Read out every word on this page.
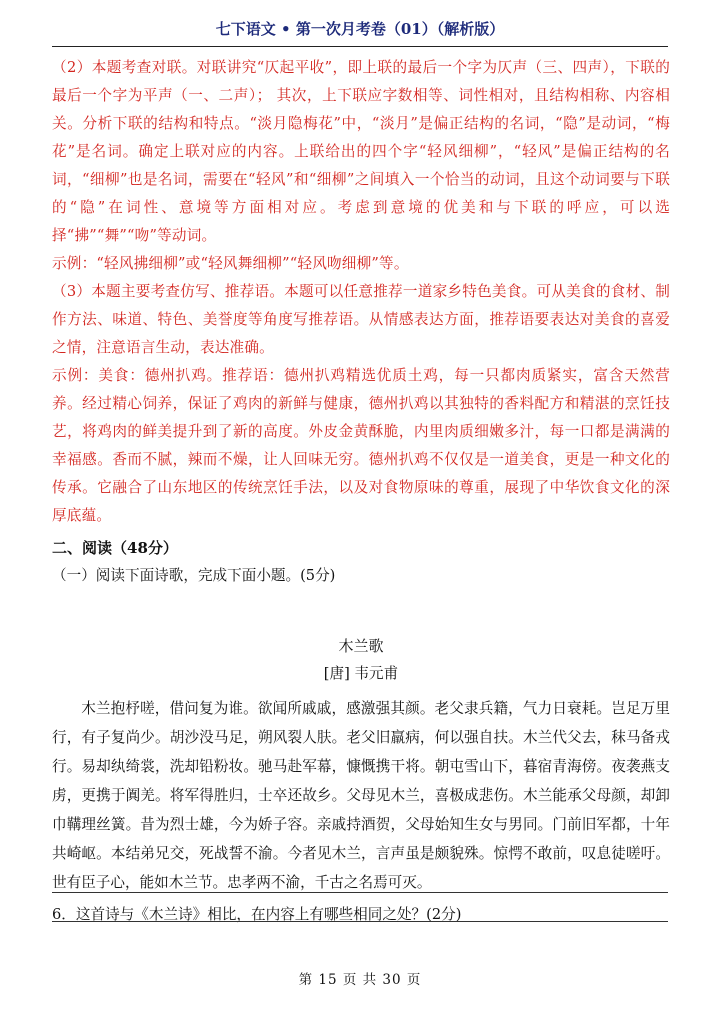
七下语文 • 第一次月考卷（01）（解析版）

（2）本题考查对联。对联讲究“仄起平收”，即上联的最后一个字为仄声（三、四声），下联的最后一个字为平声（一、二声）； 其次，上下联应字数相等、词性相对，且结构相称、内容相关。分析下联的结构和特点。“淡月隐梅花”中，“淡月”是偏正结构的名词，“隐”是动词，“梅花”是名词。确定上联对应的内容。上联给出的四个字“轻风细柳”，“轻风”是偏正结构的名词，“细柳”也是名词，需要在“轻风”和“细柳”之间填入一个恰当的动词，且这个动词要与下联的“隐”在词性、意境等方面相对应。考虑到意境的优美和与下联的呼应，可以选择“拂”“舞”“吻”等动词。

示例：“轻风拂细柳”或“轻风舞细柳”“轻风吻细柳”等。

（3）本题主要考查仿写、推荐语。本题可以任意推荐一道家乡特色美食。可从美食的食材、制作方法、味道、特色、美誉度等角度写推荐语。从情感表达方面，推荐语要表达对美食的喜爱之情，注意语言生动，表达准确。

示例：美食：德州扒鸡。推荐语：德州扒鸡精选优质土鸡，每一只都肉质紧实，富含天然营养。经过精心饲养，保证了鸡肉的新鲜与健康，德州扒鸡以其独特的香料配方和精湛的烹饪技艺，将鸡肉的鲜美提升到了新的高度。外皮金黄酥脆，内里肉质细嫩多汁，每一口都是满满的幸福感。香而不腻，辣而不燥，让人回味无穷。德州扒鸡不仅仅是一道美食，更是一种文化的传承。它融合了山东地区的传统烹饪手法，以及对食物原味的尊重，展现了中华饮食文化的深厚底蕴。

二、阅读（48分）

（一）阅读下面诗歌，完成下面小题。(5分)

木兰歌
[唐] 韦元甫

木兰抱杼嗟，借问复为谁。欲闻所戚戚，感激强其颜。老父隶兵籍，气力日衰耗。岂足万里行，有子复尚少。胡沙没马足，朔风裂人肤。老父旧羸病，何以强自扶。木兰代父去，秣马备戎行。易却纨绮裳，洗却铅粉妆。驰马赴军幕，慷慨携干将。朝屯雪山下，暮宿青海傍。夜袭燕支虏，更携于阗羌。将军得胜归，士卒还故乡。父母见木兰，喜极成悲伤。木兰能承父母颜，却卸巾鞲理丝簧。昔为烈士雄，今为娇子容。亲戚持酒贺，父母始知生女与男同。门前旧军都，十年共崎岖。本结弟兄交，死战誓不渝。今者见木兰，言声虽是颇貌殊。惊愕不敢前，叹息徒嗟吁。世有臣子心，能如木兰节。忠孝两不渝，千古之名焉可灭。

6．这首诗与《木兰诗》相比，在内容上有哪些相同之处？(2分)

第 15 页 共 30 页
